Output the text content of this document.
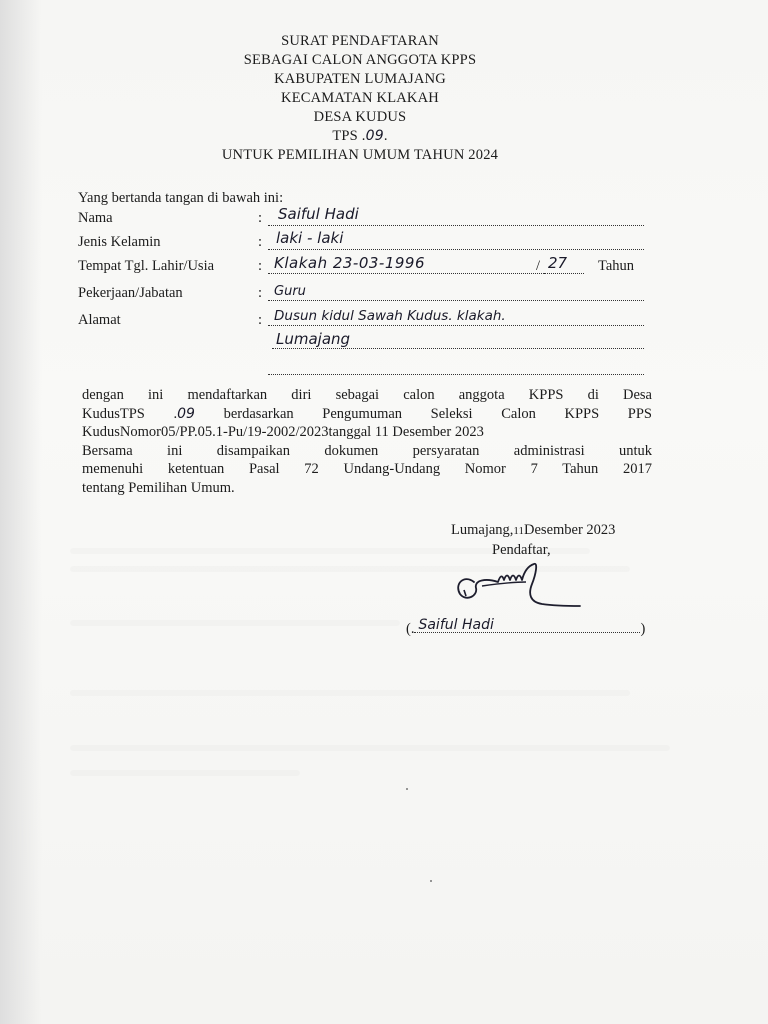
SURAT PENDAFTARAN
SEBAGAI CALON ANGGOTA KPPS
KABUPATEN LUMAJANG
KECAMATAN KLAKAH
DESA KUDUS
TPS .09.
UNTUK PEMILIHAN UMUM TAHUN 2024
Yang bertanda tangan di bawah ini:
Nama	: Saiful Hadi
Jenis Kelamin	: laki - laki
Tempat Tgl. Lahir/Usia	: Klakah 23-03-1996	/ 27 Tahun
Pekerjaan/Jabatan	: Guru
Alamat	: Dusun kidul Sawah Kudus. klakah.
Lumajang
dengan ini mendaftarkan diri sebagai calon anggota KPPS di Desa
KudusTPS .09 berdasarkan Pengumuman Seleksi Calon KPPS PPS
KudusNomor05/PP.05.1-Pu/19-2002/2023tanggal 11 Desember 2023
Bersama ini disampaikan dokumen persyaratan administrasi untuk
memenuhi ketentuan Pasal 72 Undang-Undang Nomor 7 Tahun 2017
tentang Pemilihan Umum.
Lumajang,11Desember 2023
Pendaftar,
(. Saiful Hadi	)
